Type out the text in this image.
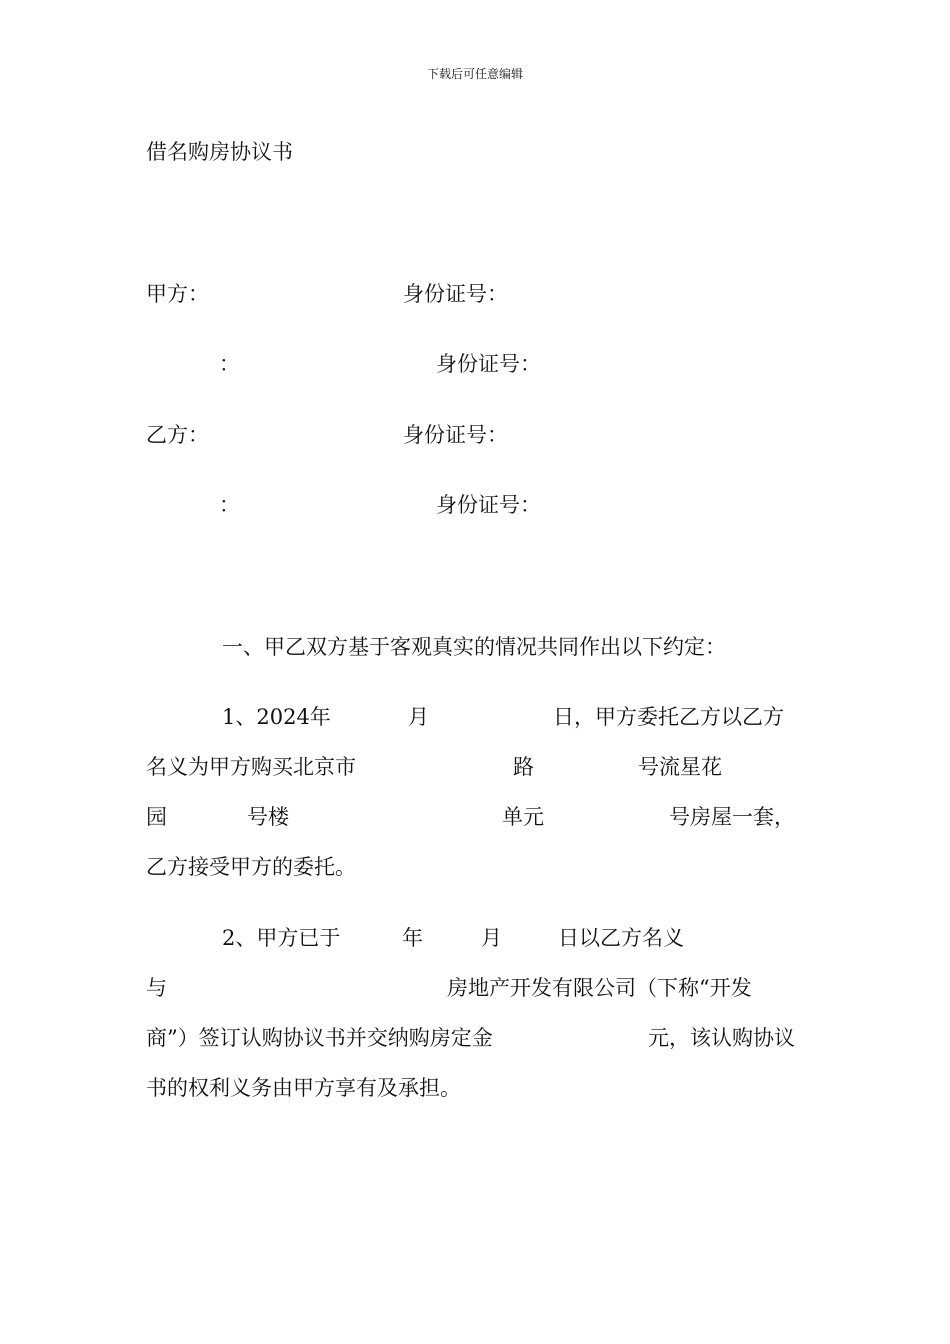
下载后可任意编辑
借名购房协议书
甲方：	身份证号：
：	身份证号：
乙方：	身份证号：
：	身份证号：
一、甲乙双方基于客观真实的情况共同作出以下约定：
1、2024年	月	日，甲方委托乙方以乙方
名义为甲方购买北京市	路	号流星花
园	号楼	单元	号房屋一套，
乙方接受甲方的委托。
2、甲方已于	年	月	日以乙方名义
与	房地产开发有限公司（下称“开发
商”）签订认购协议书并交纳购房定金	元，该认购协议
书的权利义务由甲方享有及承担。
